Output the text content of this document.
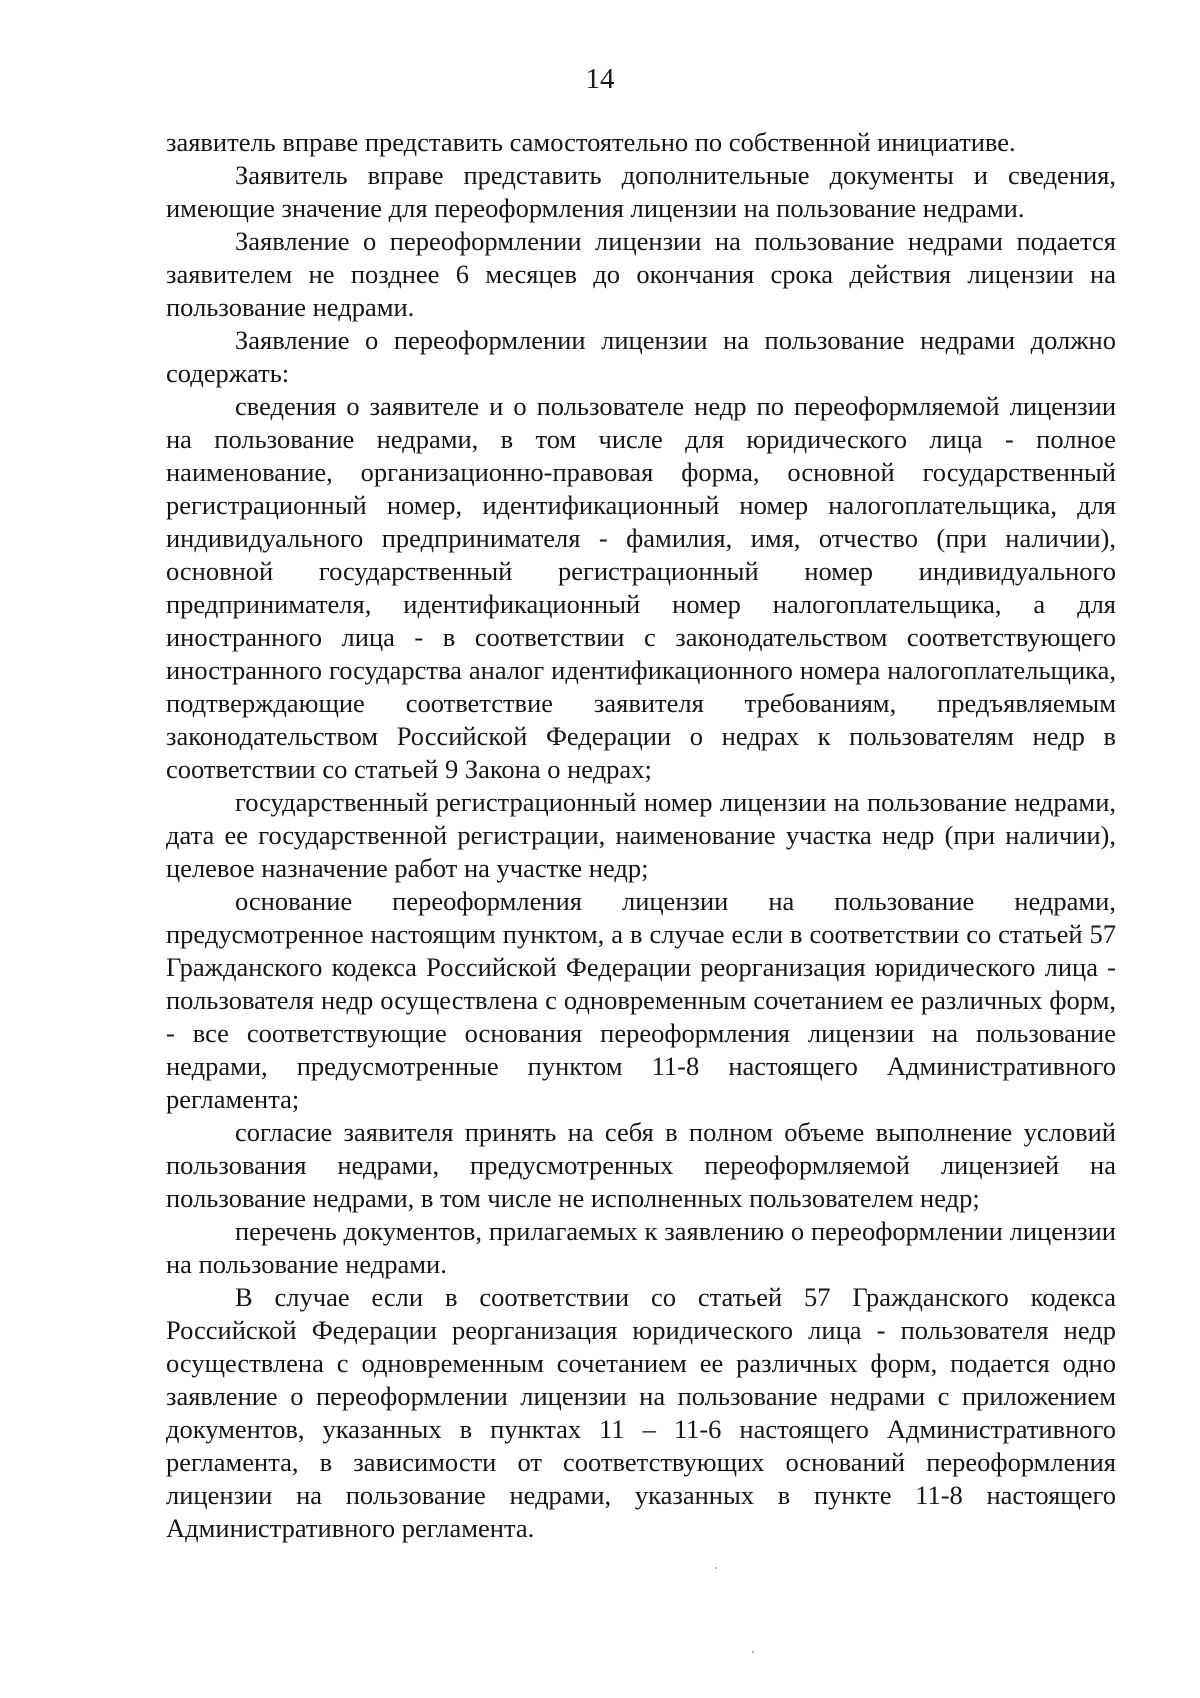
14

заявитель вправе представить самостоятельно по собственной инициативе.

Заявитель вправе представить дополнительные документы и сведения, имеющие значение для переоформления лицензии на пользование недрами.

Заявление о переоформлении лицензии на пользование недрами подается заявителем не позднее 6 месяцев до окончания срока действия лицензии на пользование недрами.

Заявление о переоформлении лицензии на пользование недрами должно содержать:

сведения о заявителе и о пользователе недр по переоформляемой лицензии на пользование недрами, в том числе для юридического лица - полное наименование, организационно-правовая форма, основной государственный регистрационный номер, идентификационный номер налогоплательщика, для индивидуального предпринимателя - фамилия, имя, отчество (при наличии), основной государственный регистрационный номер индивидуального предпринимателя, идентификационный номер налогоплательщика, а для иностранного лица - в соответствии с законодательством соответствующего иностранного государства аналог идентификационного номера налогоплательщика, подтверждающие соответствие заявителя требованиям, предъявляемым законодательством Российской Федерации о недрах к пользователям недр в соответствии со статьей 9 Закона о недрах;

государственный регистрационный номер лицензии на пользование недрами, дата ее государственной регистрации, наименование участка недр (при наличии), целевое назначение работ на участке недр;

основание переоформления лицензии на пользование недрами, предусмотренное настоящим пунктом, а в случае если в соответствии со статьей 57 Гражданского кодекса Российской Федерации реорганизация юридического лица - пользователя недр осуществлена с одновременным сочетанием ее различных форм, - все соответствующие основания переоформления лицензии на пользование недрами, предусмотренные пунктом 11-8 настоящего Административного регламента;

согласие заявителя принять на себя в полном объеме выполнение условий пользования недрами, предусмотренных переоформляемой лицензией на пользование недрами, в том числе не исполненных пользователем недр;

перечень документов, прилагаемых к заявлению о переоформлении лицензии на пользование недрами.

В случае если в соответствии со статьей 57 Гражданского кодекса Российской Федерации реорганизация юридического лица - пользователя недр осуществлена с одновременным сочетанием ее различных форм, подается одно заявление о переоформлении лицензии на пользование недрами с приложением документов, указанных в пунктах 11 – 11-6 настоящего Административного регламента, в зависимости от соответствующих оснований переоформления лицензии на пользование недрами, указанных в пункте 11-8 настоящего Административного регламента.
